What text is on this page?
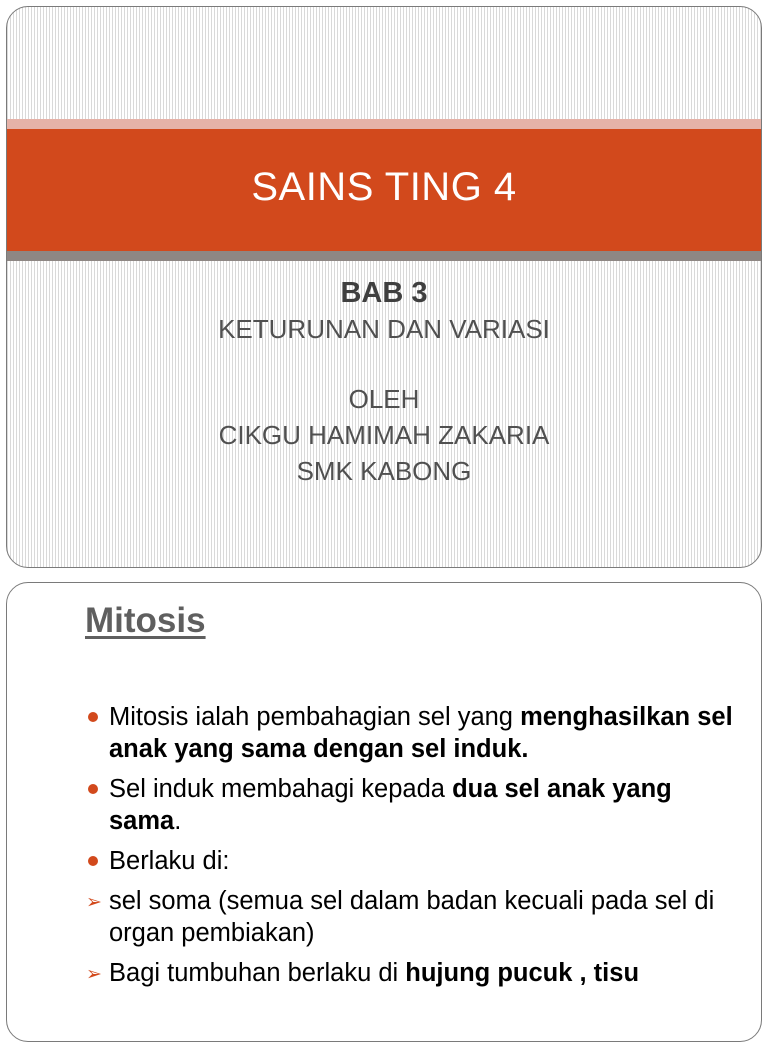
SAINS TING 4
BAB 3
KETURUNAN DAN VARIASI
OLEH
CIKGU HAMIMAH ZAKARIA
SMK KABONG
Mitosis
Mitosis ialah pembahagian sel yang menghasilkan sel anak yang sama dengan sel induk.
Sel induk membahagi kepada dua sel anak yang sama.
Berlaku di:
➢ sel soma (semua sel dalam badan kecuali pada sel di organ pembiakan)
➢ Bagi tumbuhan berlaku di hujung pucuk , tisu
